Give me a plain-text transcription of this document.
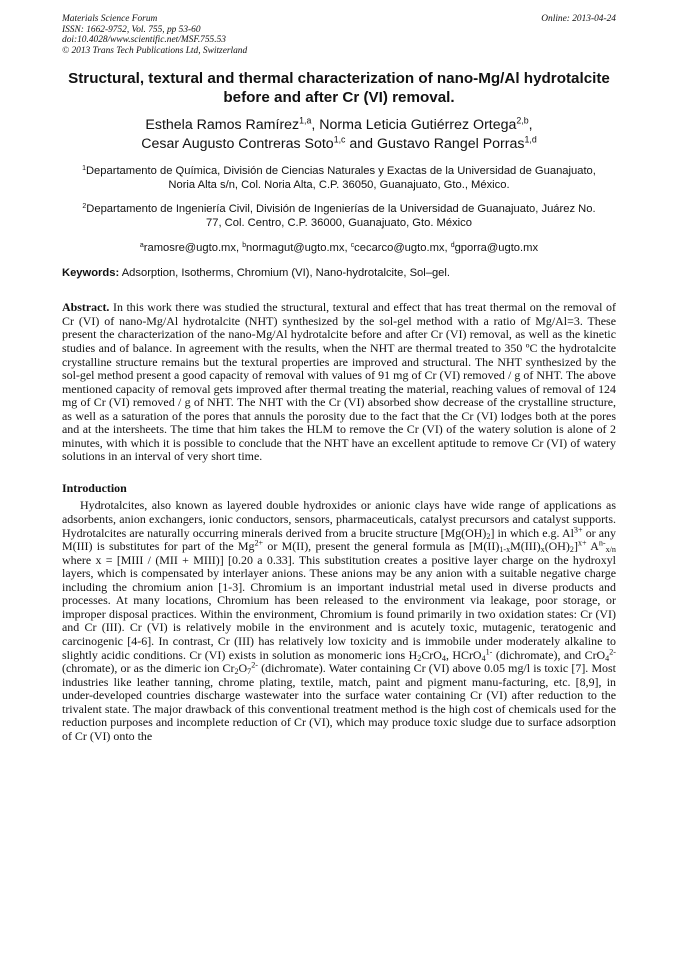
Materials Science Forum
ISSN: 1662-9752, Vol. 755, pp 53-60
doi:10.4028/www.scientific.net/MSF.755.53
© 2013 Trans Tech Publications Ltd, Switzerland
Online: 2013-04-24
Structural, textural and thermal characterization of nano-Mg/Al hydrotalcite before and after Cr (VI) removal.
Esthela Ramos Ramírez$^{1,a}$, Norma Leticia Gutiérrez Ortega$^{2,b}$,
Cesar Augusto Contreras Soto$^{1,c}$ and Gustavo Rangel Porras$^{1,d}$
$^1$Departamento de Química, División de Ciencias Naturales y Exactas de la Universidad de Guanajuato, Noria Alta s/n, Col. Noria Alta, C.P. 36050, Guanajuato, Gto., México.
$^2$Departamento de Ingeniería Civil, División de Ingenierías de la Universidad de Guanajuato, Juárez No. 77, Col. Centro, C.P. 36000, Guanajuato, Gto. México
$^a$ramosre@ugto.mx, $^b$normagut@ugto.mx, $^c$cecarco@ugto.mx, $^d$gporra@ugto.mx
Keywords: Adsorption, Isotherms, Chromium (VI), Nano-hydrotalcite, Sol–gel.
Abstract. In this work there was studied the structural, textural and effect that has treat thermal on the removal of Cr (VI) of nano-Mg/Al hydrotalcite (NHT) synthesized by the sol-gel method with a ratio of Mg/Al=3. These present the characterization of the nano-Mg/Al hydrotalcite before and after Cr (VI) removal, as well as the kinetic studies and of balance. In agreement with the results, when the NHT are thermal treated to 350 ºC the hydrotalcite crystalline structure remains but the textural properties are improved and structural. The NHT synthesized by the sol-gel method present a good capacity of removal with values of 91 mg of Cr (VI) removed / g of NHT. The above mentioned capacity of removal gets improved after thermal treating the material, reaching values of removal of 124 mg of Cr (VI) removed / g of NHT. The NHT with the Cr (VI) absorbed show decrease of the crystalline structure, as well as a saturation of the pores that annuls the porosity due to the fact that the Cr (VI) lodges both at the pores and at the intersheets. The time that him takes the HLM to remove the Cr (VI) of the watery solution is alone of 2 minutes, with which it is possible to conclude that the NHT have an excellent aptitude to remove Cr (VI) of watery solutions in an interval of very short time.
Introduction

Hydrotalcites, also known as layered double hydroxides or anionic clays have wide range of applications as adsorbents, anion exchangers, ionic conductors, sensors, pharmaceuticals, catalyst precursors and catalyst supports. Hydrotalcites are naturally occurring minerals derived from a brucite structure $[Mg(OH)_2]$ in which e.g. $Al^{3+}$ or any M(III) is substitutes for part of the $Mg^{2+}$ or M(II), present the general formula as $[M(II)_{1-x}M(III)_x(OH)_2]^{x+}$ $A^{n-}_{x/n}$ where x = [MIII / (MII + MIII)] [0.20 a 0.33]. This substitution creates a positive layer charge on the hydroxyl layers, which is compensated by interlayer anions. These anions may be any anion with a suitable negative charge including the chromium anion [1-3]. Chromium is an important industrial metal used in diverse products and processes. At many locations, Chromium has been released to the environment via leakage, poor storage, or improper disposal practices. Within the environment, Chromium is found primarily in two oxidation states: Cr (VI) and Cr (III). Cr (VI) is relatively mobile in the environment and is acutely toxic, mutagenic, teratogenic and carcinogenic [4-6]. In contrast, Cr (III) has relatively low toxicity and is immobile under moderately alkaline to slightly acidic conditions. Cr (VI) exists in solution as monomeric ions $H_2CrO_4$, HCrO$_4^{1-}$ (dichromate), and CrO$_4^{2-}$ (chromate), or as the dimeric ion $Cr_2O_7^{2-}$ (dichromate). Water containing Cr (VI) above 0.05 mg/l is toxic [7]. Most industries like leather tanning, chrome plating, textile, match, paint and pigment manu-facturing, etc. [8,9], in under-developed countries discharge wastewater into the surface water containing Cr (VI) after reduction to the trivalent state. The major drawback of this conventional treatment method is the high cost of chemicals used for the reduction purposes and incomplete reduction of Cr (VI), which may produce toxic sludge due to surface adsorption of Cr (VI) onto the
